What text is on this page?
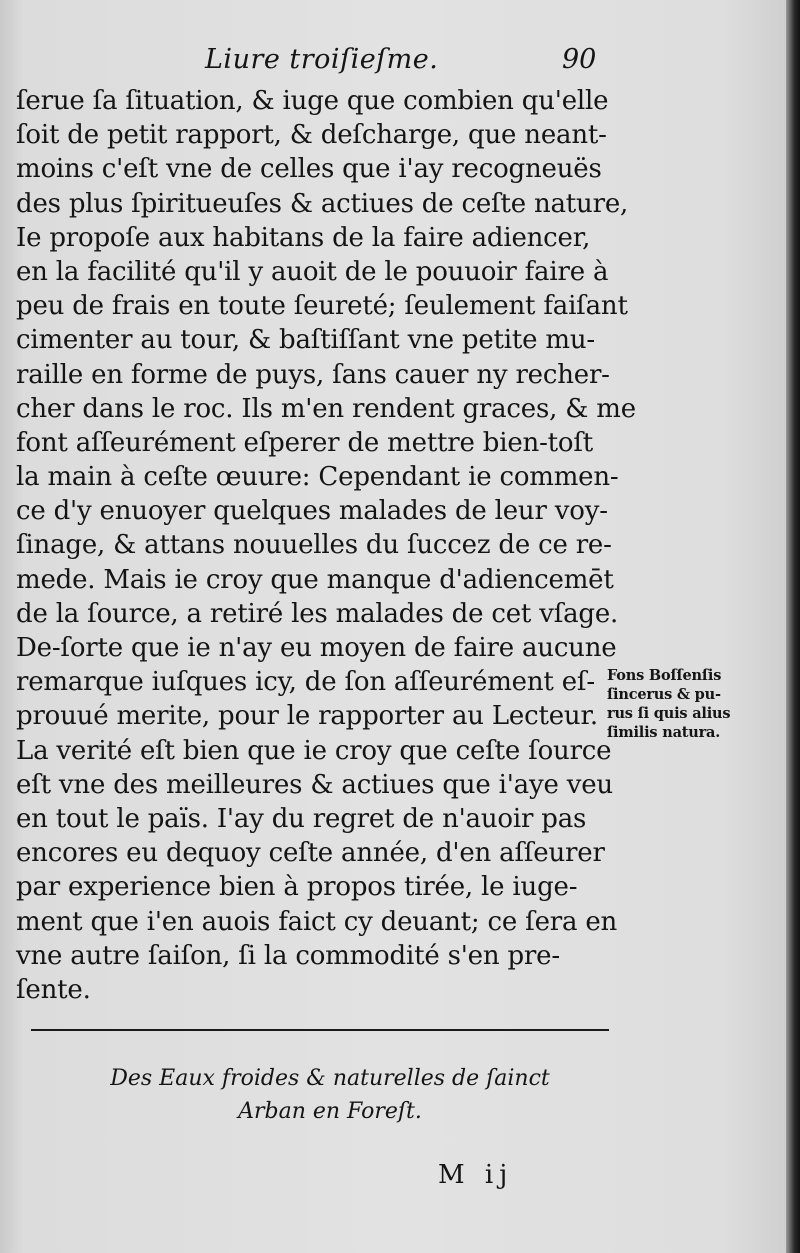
Liure troiſieſme.	90
ſerue ſa ſituation, & iuge que combien qu'elle
ſoit de petit rapport, & deſcharge, que neant-
moins c'eſt vne de celles que i'ay recogneuës
des plus ſpiritueuſes & actiues de ceſte nature,
Ie propoſe aux habitans de la faire adiencer,
en la facilité qu'il y auoit de le pouuoir faire à
peu de frais en toute ſeureté; ſeulement faiſant
cimenter au tour, & baſtiſſant vne petite mu-
raille en forme de puys, ſans cauer ny recher-
cher dans le roc. Ils m'en rendent graces, & me
font aſſeurément eſperer de mettre bien-toſt
la main à ceſte œuure: Cependant ie commen-
ce d'y enuoyer quelques malades de leur voy-
ſinage, & attans nouuelles du ſuccez de ce re-
mede. Mais ie croy que manque d'adiencemēt
de la ſource, a retiré les malades de cet vſage.
De-ſorte que ie n'ay eu moyen de faire aucune
remarque iuſques icy, de ſon aſſeurément eſ-
prouué merite, pour le rapporter au Lecteur.
La verité eſt bien que ie croy que ceſte ſource
eſt vne des meilleures & actiues que i'aye veu
en tout le païs. I'ay du regret de n'auoir pas
encores eu dequoy ceſte année, d'en aſſeurer
par experience bien à propos tirée, le iuge-
ment que i'en auois faict cy deuant; ce ſera en
vne autre ſaiſon, ſi la commodité s'en pre-
ſente.
Fons Boſſenſis
ſincerus & pu-
rus ſi quis alius
ſimilis natura.
Des Eaux froides & naturelles de ſainct
Arban en Foreſt.
M ij
